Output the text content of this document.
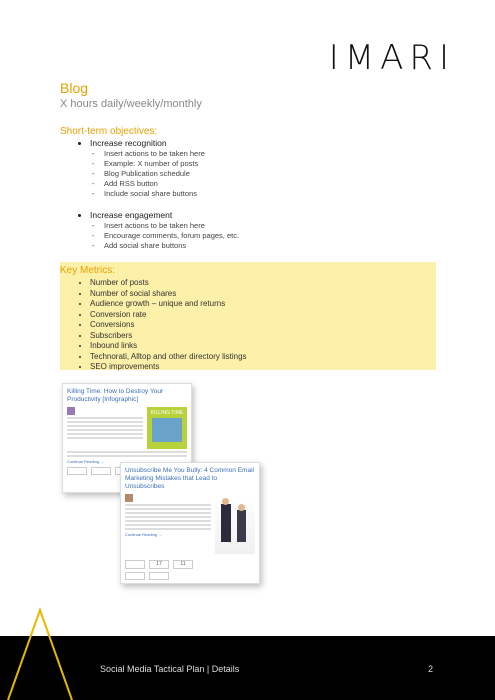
IMARI
Blog
X hours daily/weekly/monthly
Short-term objectives:
• Increase recognition
- Insert actions to be taken here
- Example: X number of posts
- Blog Publication schedule
- Add RSS button
- Include social share buttons
• Increase engagement
- Insert actions to be taken here
- Encourage comments, forum pages, etc.
- Add social share buttons
Key Metrics:
• Number of posts
• Number of social shares
• Audience growth – unique and returns
• Conversion rate
• Conversions
• Subscribers
• Inbound links
• Technorati, Alltop and other directory listings
• SEO improvements
Killing Time: How to Destroy Your Productivity [Infographic]
KILLING TIME
Continue Reading →
Unsubscribe Me You Bully: 4 Common Email Marketing Mistakes that Lead to Unsubscribes
Continue Reading →
17	11
Social Media Tactical Plan | Details	2
